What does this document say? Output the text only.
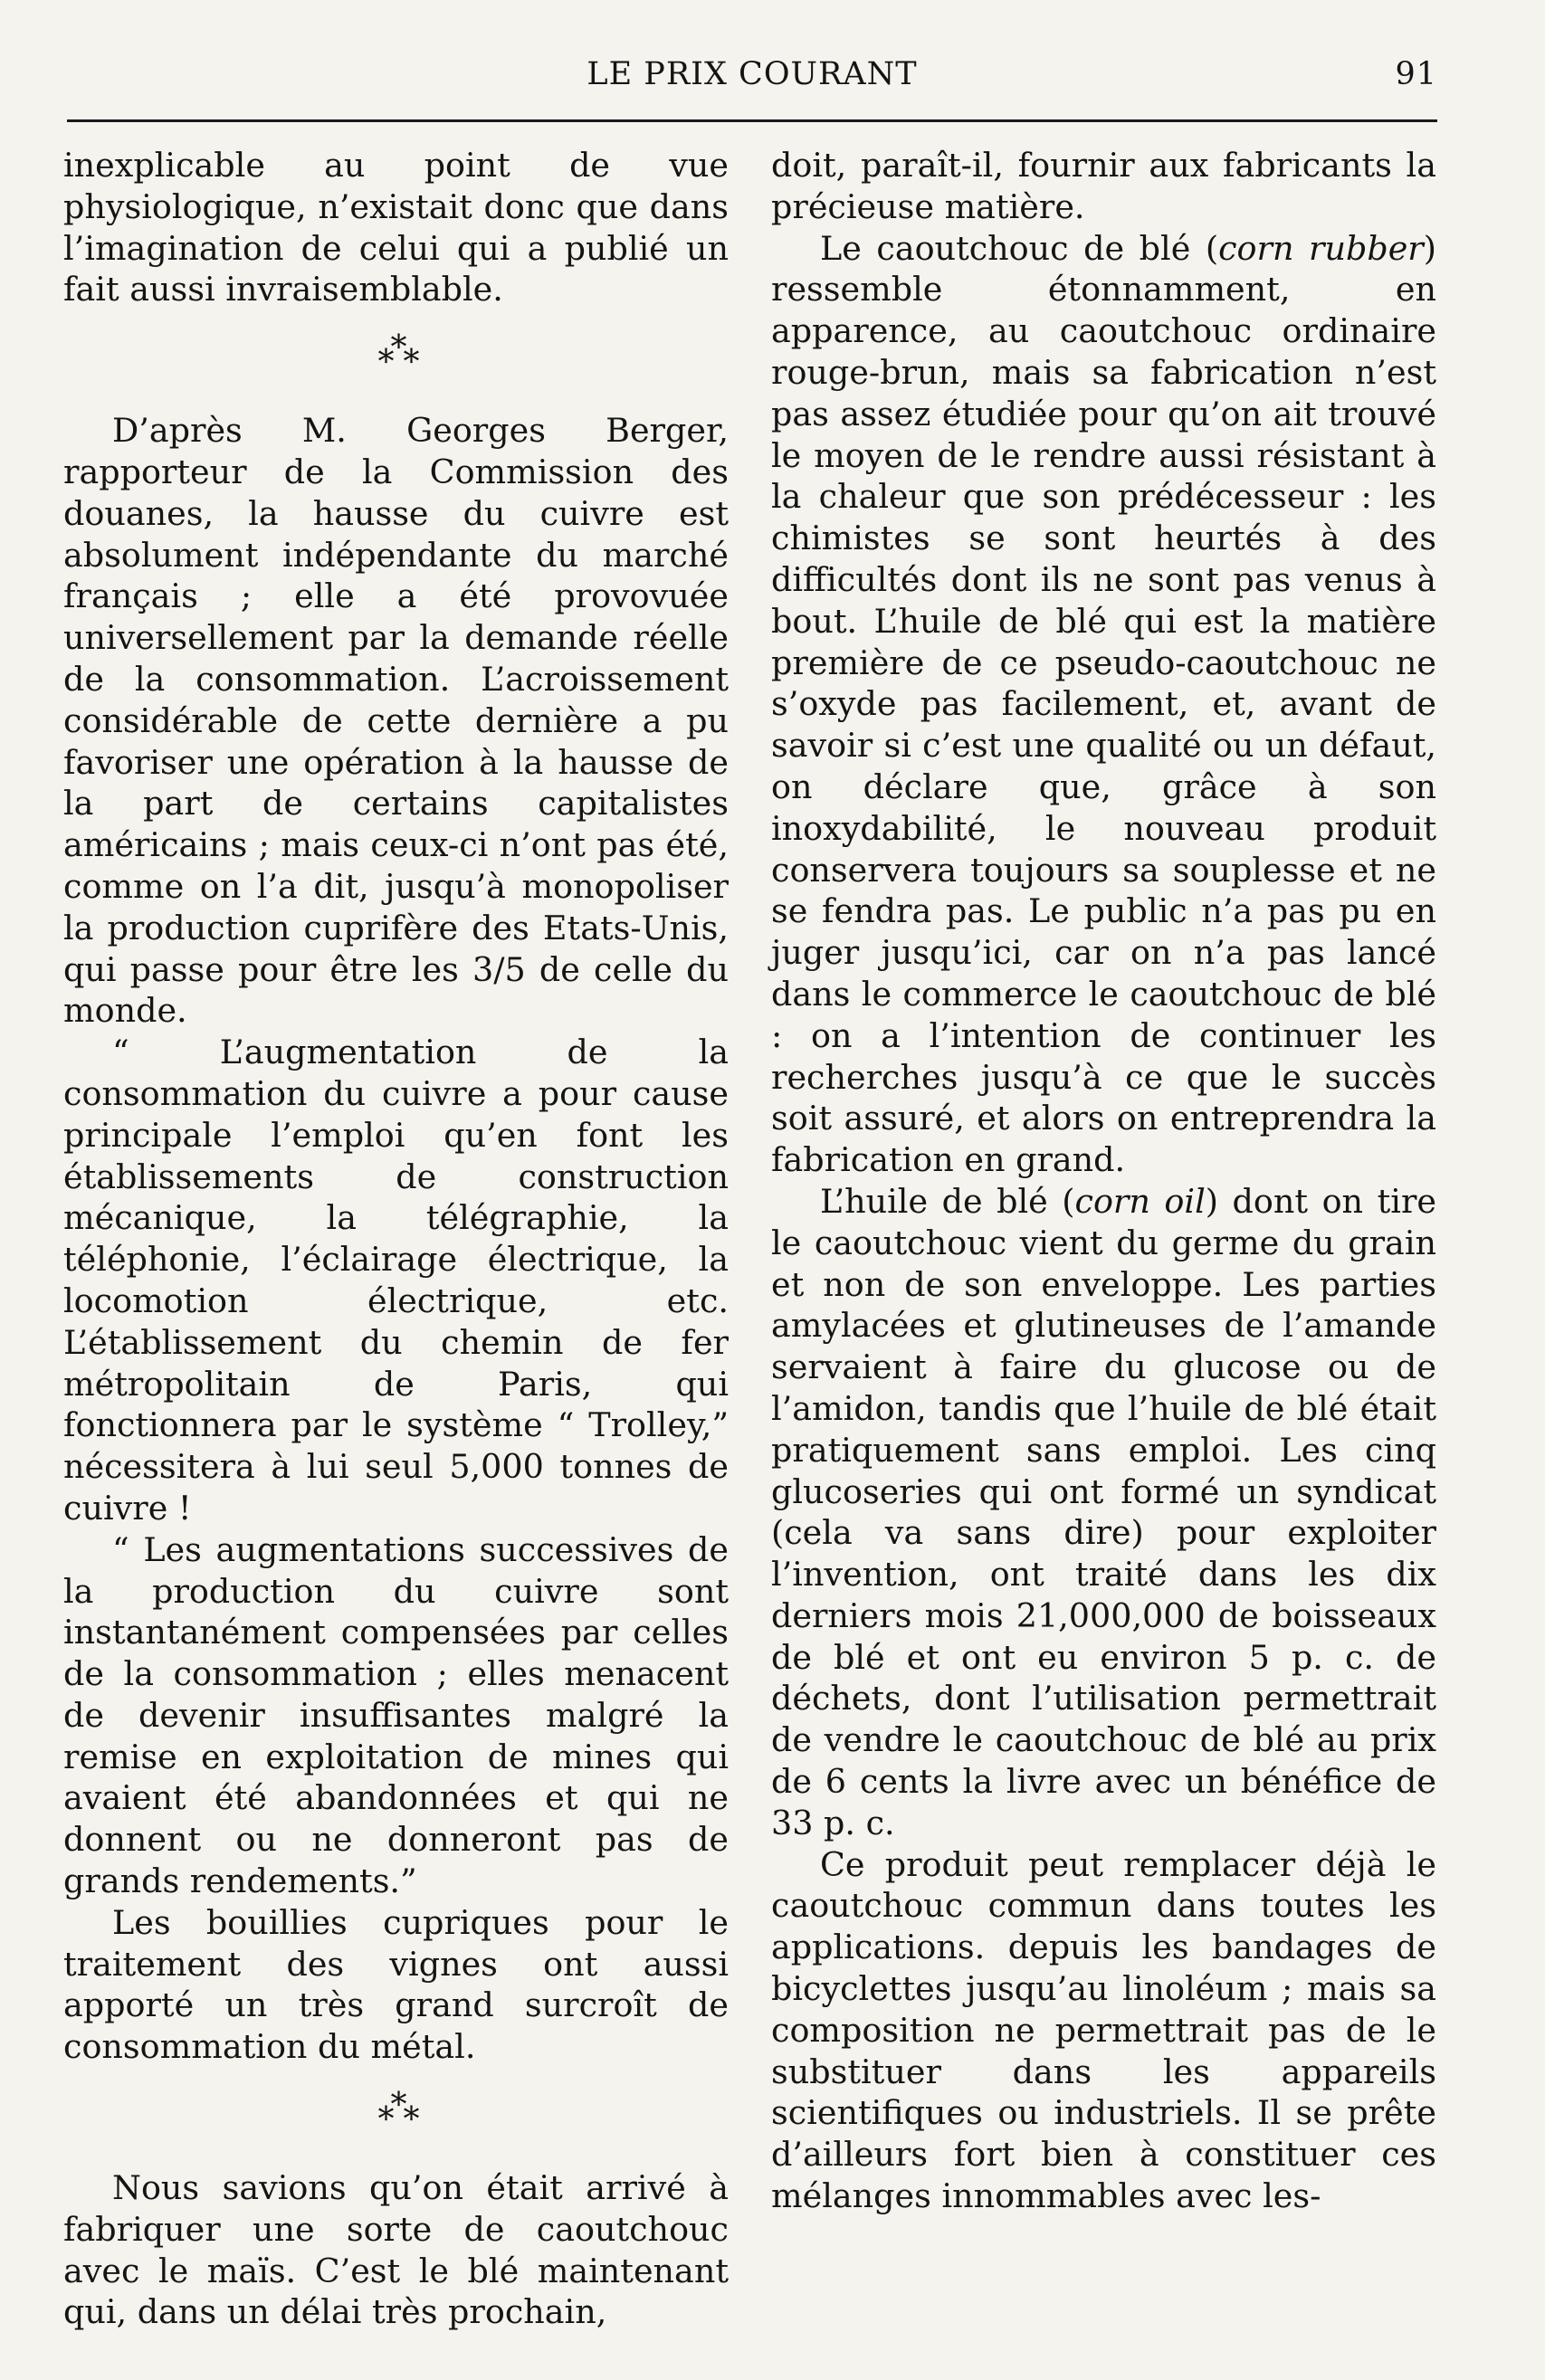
LE PRIX COURANT	91

inexplicable au point de vue physiologique, n’existait donc que dans l’imagination de celui qui a publié un fait aussi invraisemblable.

*
*
*

D’après M. Georges Berger, rapporteur de la Commission des douanes, la hausse du cuivre est absolument indépendante du marché français ; elle a été provovuée universellement par la demande réelle de la consommation. L’acroissement considérable de cette dernière a pu favoriser une opération à la hausse de la part de certains capitalistes américains ; mais ceux-ci n’ont pas été, comme on l’a dit, jusqu’à monopoliser la production cuprifère des Etats-Unis, qui passe pour être les 3/5 de celle du monde.

“ L’augmentation de la consommation du cuivre a pour cause principale l’emploi qu’en font les établissements de construction mécanique, la télégraphie, la téléphonie, l’éclairage électrique, la locomotion électrique, etc. L’établissement du chemin de fer métropolitain de Paris, qui fonctionnera par le système “ Trolley,” nécessitera à lui seul 5,000 tonnes de cuivre !

“ Les augmentations successives de la production du cuivre sont instantanément compensées par celles de la consommation ; elles menacent de devenir insuffisantes malgré la remise en exploitation de mines qui avaient été abandonnées et qui ne donnent ou ne donneront pas de grands rendements.”

Les bouillies cupriques pour le traitement des vignes ont aussi apporté un très grand surcroît de consommation du métal.

*
*
*

Nous savions qu’on était arrivé à fabriquer une sorte de caoutchouc avec le maïs. C’est le blé maintenant qui, dans un délai très prochain,

doit, paraît-il, fournir aux fabricants la précieuse matière.

Le caoutchouc de blé (corn rubber) ressemble étonnamment, en apparence, au caoutchouc ordinaire rouge-brun, mais sa fabrication n’est pas assez étudiée pour qu’on ait trouvé le moyen de le rendre aussi résistant à la chaleur que son prédécesseur : les chimistes se sont heurtés à des difficultés dont ils ne sont pas venus à bout. L’huile de blé qui est la matière première de ce pseudo-caoutchouc ne s’oxyde pas facilement, et, avant de savoir si c’est une qualité ou un défaut, on déclare que, grâce à son inoxydabilité, le nouveau produit conservera toujours sa souplesse et ne se fendra pas. Le public n’a pas pu en juger jusqu’ici, car on n’a pas lancé dans le commerce le caoutchouc de blé : on a l’intention de continuer les recherches jusqu’à ce que le succès soit assuré, et alors on entreprendra la fabrication en grand.

L’huile de blé (corn oil) dont on tire le caoutchouc vient du germe du grain et non de son enveloppe. Les parties amylacées et glutineuses de l’amande servaient à faire du glucose ou de l’amidon, tandis que l’huile de blé était pratiquement sans emploi. Les cinq glucoseries qui ont formé un syndicat (cela va sans dire) pour exploiter l’invention, ont traité dans les dix derniers mois 21,000,000 de boisseaux de blé et ont eu environ 5 p. c. de déchets, dont l’utilisation permettrait de vendre le caoutchouc de blé au prix de 6 cents la livre avec un bénéfice de 33 p. c.

Ce produit peut remplacer déjà le caoutchouc commun dans toutes les applications. depuis les bandages de bicyclettes jusqu’au linoléum ; mais sa composition ne permettrait pas de le substituer dans les appareils scientifiques ou industriels. Il se prête d’ailleurs fort bien à constituer ces mélanges innommables avec les-
